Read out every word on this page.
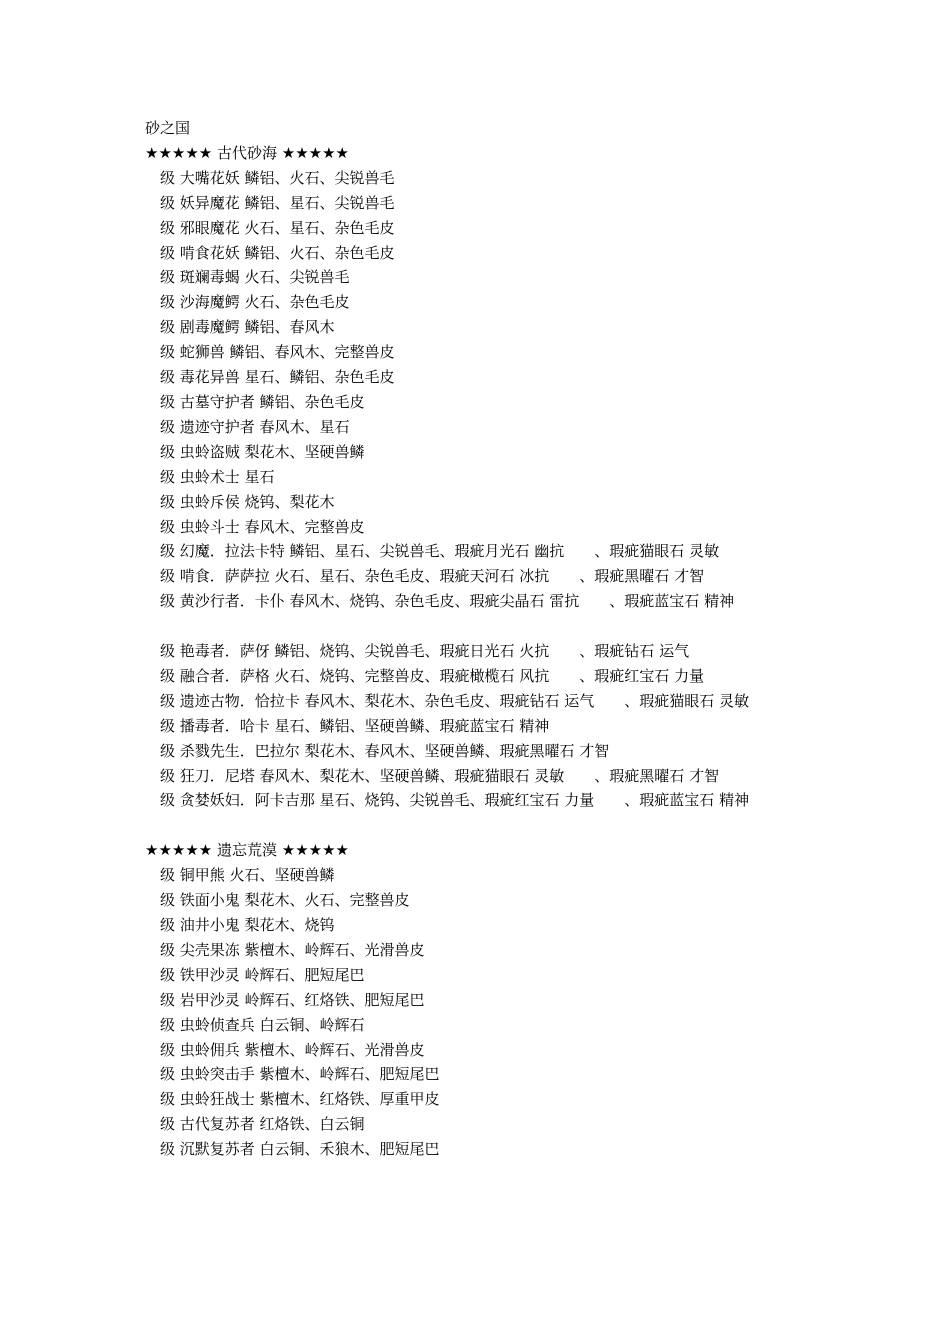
砂之国
★★★★★ 古代砂海 ★★★★★
　级 大嘴花妖 鳞铝、火石、尖锐兽毛
　级 妖异魔花 鳞铝、星石、尖锐兽毛
　级 邪眼魔花 火石、星石、杂色毛皮
　级 啃食花妖 鳞铝、火石、杂色毛皮
　级 斑斓毒蝎 火石、尖锐兽毛
　级 沙海魔鳄 火石、杂色毛皮
　级 剧毒魔鳄 鳞铝、春风木
　级 蛇狮兽 鳞铝、春风木、完整兽皮
　级 毒花异兽 星石、鳞铝、杂色毛皮
　级 古墓守护者 鳞铝、杂色毛皮
　级 遗迹守护者 春风木、星石
　级 虫蛉盗贼 梨花木、坚硬兽鳞
　级 虫蛉术士 星石
　级 虫蛉斥侯 烧钨、梨花木
　级 虫蛉斗士 春风木、完整兽皮
　级 幻魔．拉法卡特 鳞铝、星石、尖锐兽毛、瑕疵月光石 幽抗　　、瑕疵猫眼石 灵敏
　级 啃食．萨萨拉 火石、星石、杂色毛皮、瑕疵天河石 冰抗　　、瑕疵黑曜石 才智
　级 黄沙行者．卡仆 春风木、烧钨、杂色毛皮、瑕疵尖晶石 雷抗　　、瑕疵蓝宝石 精神
　级 艳毒者．萨伢 鳞铝、烧钨、尖锐兽毛、瑕疵日光石 火抗　　、瑕疵钻石 运气
　级 融合者．萨格 火石、烧钨、完整兽皮、瑕疵橄榄石 风抗　　、瑕疵红宝石 力量
　级 遗迹古物．恰拉卡 春风木、梨花木、杂色毛皮、瑕疵钻石 运气　　、瑕疵猫眼石 灵敏
　级 播毒者．哈卡 星石、鳞铝、坚硬兽鳞、瑕疵蓝宝石 精神
　级 杀戮先生．巴拉尔 梨花木、春风木、坚硬兽鳞、瑕疵黑曜石 才智
　级 狂刀．尼塔 春风木、梨花木、坚硬兽鳞、瑕疵猫眼石 灵敏　　、瑕疵黑曜石 才智
　级 贪婪妖妇．阿卡吉那 星石、烧钨、尖锐兽毛、瑕疵红宝石 力量　　、瑕疵蓝宝石 精神
★★★★★ 遗忘荒漠 ★★★★★
　级 铜甲熊 火石、坚硬兽鳞
　级 铁面小鬼 梨花木、火石、完整兽皮
　级 油井小鬼 梨花木、烧钨
　级 尖壳果冻 紫檀木、岭辉石、光滑兽皮
　级 铁甲沙灵 岭辉石、肥短尾巴
　级 岩甲沙灵 岭辉石、红烙铁、肥短尾巴
　级 虫蛉侦查兵 白云铜、岭辉石
　级 虫蛉佣兵 紫檀木、岭辉石、光滑兽皮
　级 虫蛉突击手 紫檀木、岭辉石、肥短尾巴
　级 虫蛉狂战士 紫檀木、红烙铁、厚重甲皮
　级 古代复苏者 红烙铁、白云铜
　级 沉默复苏者 白云铜、禾狼木、肥短尾巴
